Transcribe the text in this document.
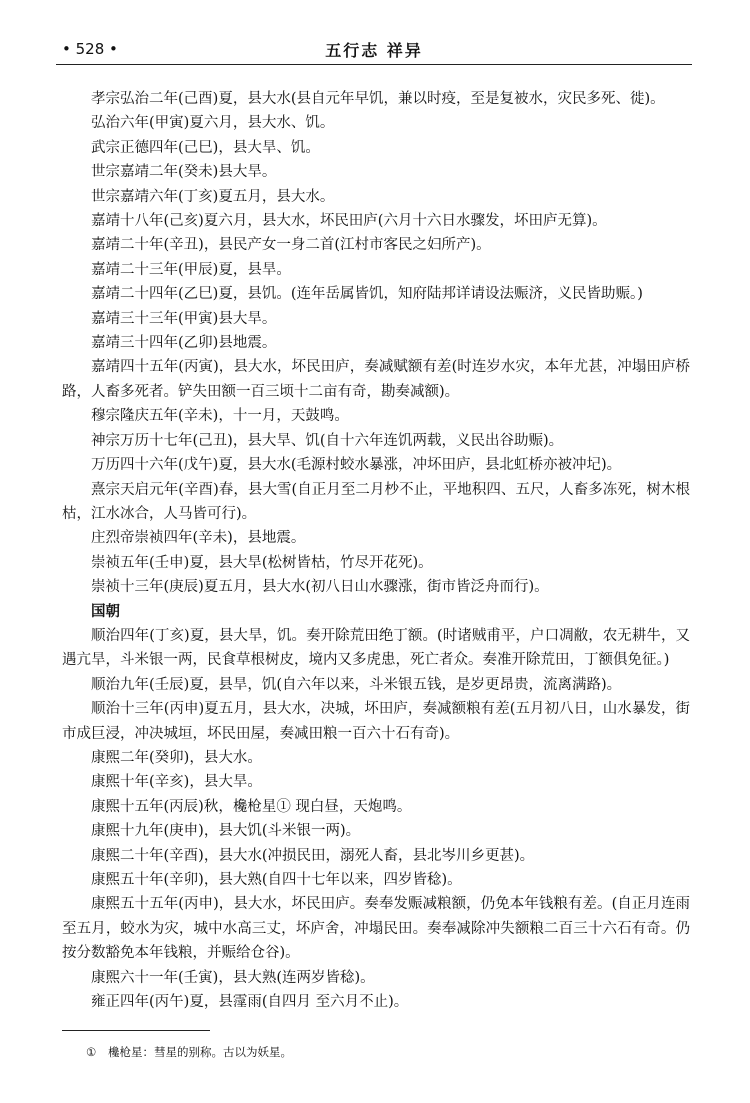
• 528 •	五行志 祥异

孝宗弘治二年(己酉)夏，县大水(县自元年早饥，兼以时疫，至是复被水，灾民多死、徙)。

弘治六年(甲寅)夏六月，县大水、饥。

武宗正德四年(己巳)，县大旱、饥。

世宗嘉靖二年(癸未)县大旱。

世宗嘉靖六年(丁亥)夏五月，县大水。

嘉靖十八年(己亥)夏六月，县大水，坏民田庐(六月十六日水骤发，坏田庐无算)。

嘉靖二十年(辛丑)，县民产女一身二首(江村市客民之妇所产)。

嘉靖二十三年(甲辰)夏，县旱。

嘉靖二十四年(乙巳)夏，县饥。(连年岳属皆饥，知府陆邦详请设法赈济，义民皆助赈。)

嘉靖三十三年(甲寅)县大旱。

嘉靖三十四年(乙卯)县地震。

嘉靖四十五年(丙寅)，县大水，坏民田庐，奏减赋额有差(时连岁水灾，本年尤甚，冲塌田庐桥路，人畜多死者。铲失田额一百三顷十二亩有奇，勘奏减额)。

穆宗隆庆五年(辛未)，十一月，天鼓鸣。

神宗万历十七年(己丑)，县大旱、饥(自十六年连饥两载，义民出谷助赈)。

万历四十六年(戊午)夏，县大水(毛源村蛟水暴涨，冲坏田庐，县北虹桥亦被冲圮)。

熹宗天启元年(辛酉)春，县大雪(自正月至二月杪不止，平地积四、五尺，人畜多冻死，树木根枯，江水冰合，人马皆可行)。

庄烈帝崇祯四年(辛未)，县地震。

崇祯五年(壬申)夏，县大旱(松树皆枯，竹尽开花死)。

崇祯十三年(庚辰)夏五月，县大水(初八日山水骤涨，街市皆泛舟而行)。

国朝

顺治四年(丁亥)夏，县大旱，饥。奏开除荒田绝丁额。(时诸贼甫平，户口凋敝，农无耕牛，又遇亢旱，斗米银一两，民食草根树皮，境内又多虎患，死亡者众。奏准开除荒田，丁额俱免征。)

顺治九年(壬辰)夏，县旱，饥(自六年以来，斗米银五钱，是岁更昂贵，流离满路)。

顺治十三年(丙申)夏五月，县大水，决城，坏田庐，奏减额粮有差(五月初八日，山水暴发，街市成巨浸，冲决城垣，坏民田屋，奏减田粮一百六十石有奇)。

康熙二年(癸卯)，县大水。

康熙十年(辛亥)，县大旱。

康熙十五年(丙辰)秋，欃枪星① 现白昼，天炮鸣。

康熙十九年(庚申)，县大饥(斗米银一两)。

康熙二十年(辛酉)，县大水(冲损民田，溺死人畜，县北岑川乡更甚)。

康熙五十年(辛卯)，县大熟(自四十七年以来，四岁皆稔)。

康熙五十五年(丙申)，县大水，坏民田庐。奏奉发赈减粮额，仍免本年钱粮有差。(自正月连雨至五月，蛟水为灾，城中水高三丈，坏庐舍，冲塌民田。奏奉减除冲失额粮二百三十六石有奇。仍按分数豁免本年钱粮，并赈给仓谷)。

康熙六十一年(壬寅)，县大熟(连两岁皆稔)。

雍正四年(丙午)夏，县霪雨(自四月 至六月不止)。

① 欃枪星：彗星的别称。古以为妖星。
